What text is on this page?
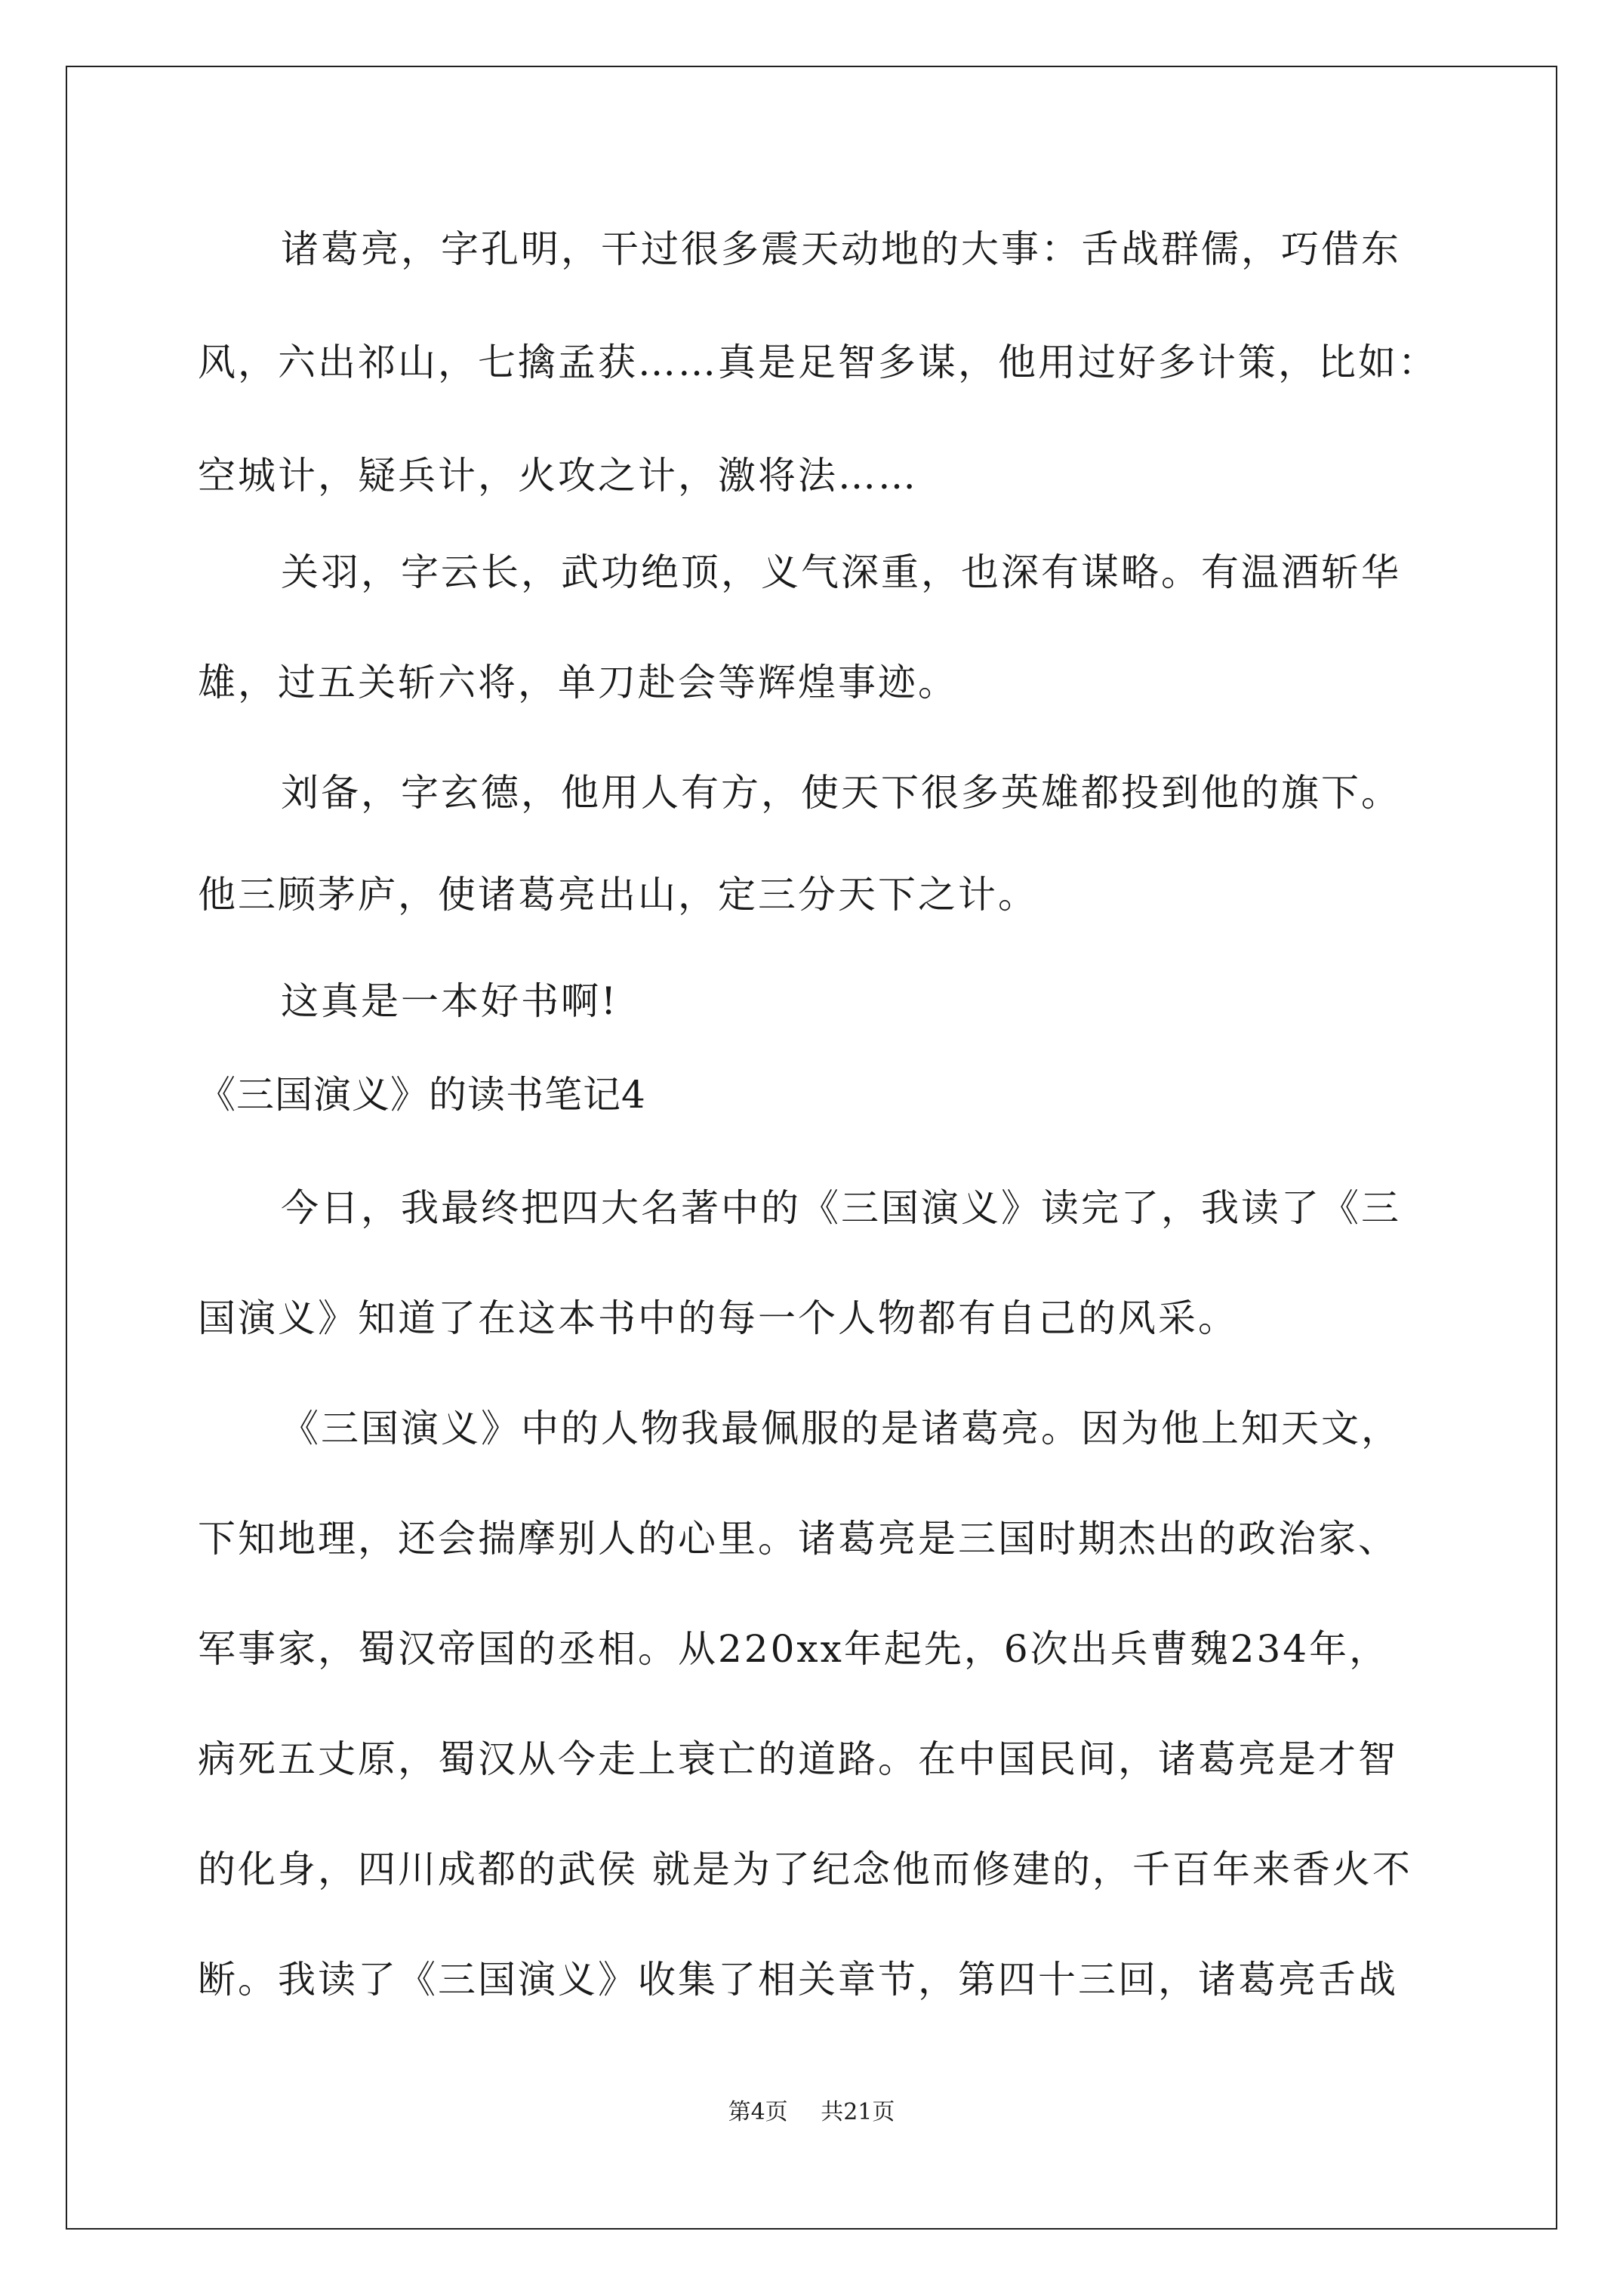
诸葛亮，字孔明，干过很多震天动地的大事：舌战群儒，巧借东
风，六出祁山，七擒孟获……真是足智多谋，他用过好多计策，比如：
空城计，疑兵计，火攻之计，激将法……
关羽，字云长，武功绝顶，义气深重，也深有谋略。有温酒斩华
雄，过五关斩六将，单刀赴会等辉煌事迹。
刘备，字玄德，他用人有方，使天下很多英雄都投到他的旗下。
他三顾茅庐，使诸葛亮出山，定三分天下之计。
这真是一本好书啊!
《三国演义》的读书笔记4
今日，我最终把四大名著中的《三国演义》读完了，我读了《三
国演义》知道了在这本书中的每一个人物都有自己的风采。
《三国演义》中的人物我最佩服的是诸葛亮。因为他上知天文，
下知地理，还会揣摩别人的心里。诸葛亮是三国时期杰出的政治家、
军事家，蜀汉帝国的丞相。从220xx年起先，6次出兵曹魏234年，
病死五丈原，蜀汉从今走上衰亡的道路。在中国民间，诸葛亮是才智
的化身，四川成都的武侯 就是为了纪念他而修建的，千百年来香火不
断。我读了《三国演义》收集了相关章节，第四十三回，诸葛亮舌战
第4页 共21页
